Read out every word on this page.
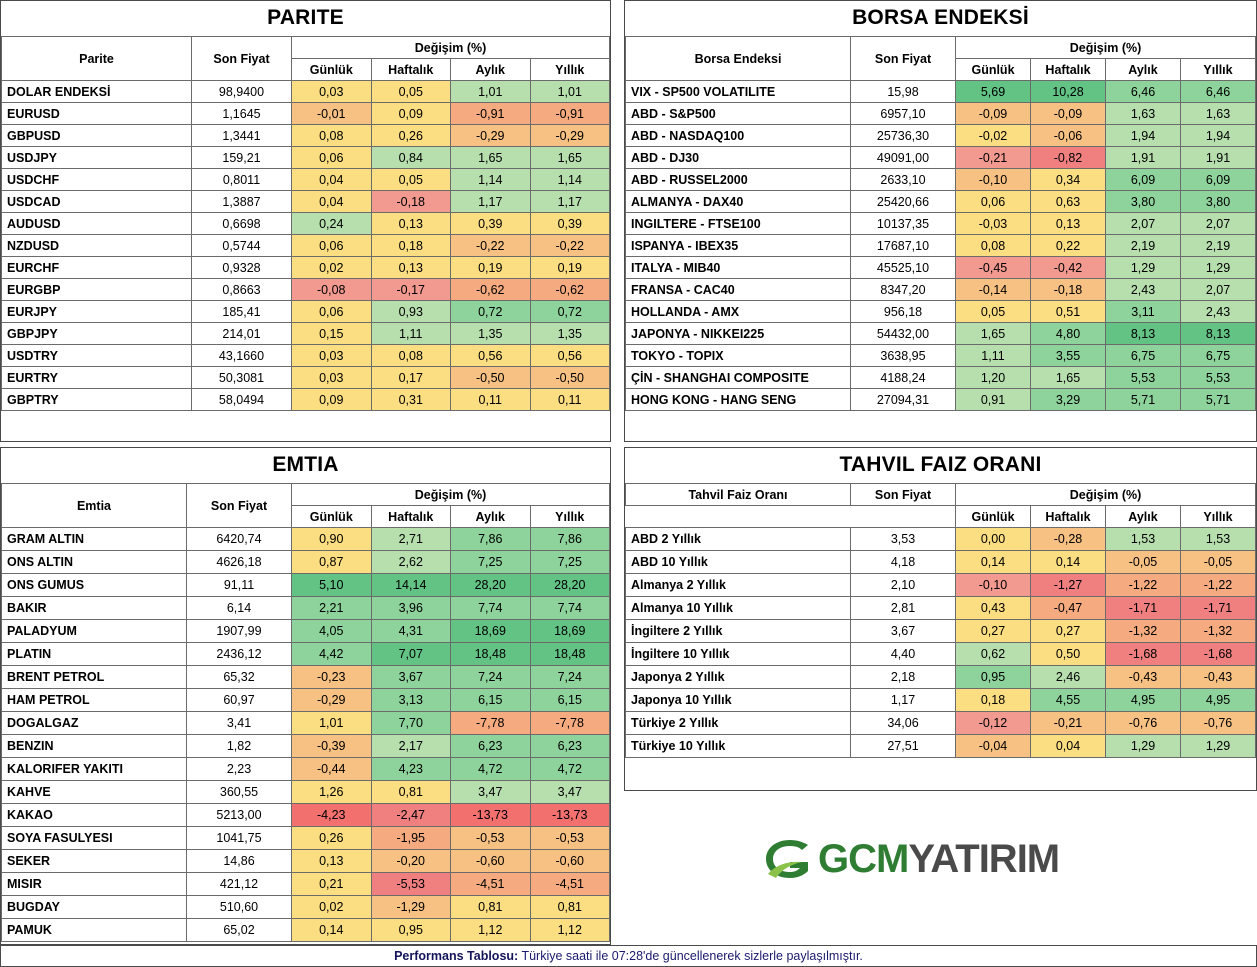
PARITE
Parite	Son Fiyat	Değişim (%)			
		Günlük	Haftalık	Aylık	Yıllık
DOLAR ENDEKSİ	98,9400	0,03	0,05	1,01	1,01
EURUSD	1,1645	-0,01	0,09	-0,91	-0,91
GBPUSD	1,3441	0,08	0,26	-0,29	-0,29
USDJPY	159,21	0,06	0,84	1,65	1,65
USDCHF	0,8011	0,04	0,05	1,14	1,14
USDCAD	1,3887	0,04	-0,18	1,17	1,17
AUDUSD	0,6698	0,24	0,13	0,39	0,39
NZDUSD	0,5744	0,06	0,18	-0,22	-0,22
EURCHF	0,9328	0,02	0,13	0,19	0,19
EURGBP	0,8663	-0,08	-0,17	-0,62	-0,62
EURJPY	185,41	0,06	0,93	0,72	0,72
GBPJPY	214,01	0,15	1,11	1,35	1,35
USDTRY	43,1660	0,03	0,08	0,56	0,56
EURTRY	50,3081	0,03	0,17	-0,50	-0,50
GBPTRY	58,0494	0,09	0,31	0,11	0,11
BORSA ENDEKSİ
Borsa Endeksi	Son Fiyat	Değişim (%)			
		Günlük	Haftalık	Aylık	Yıllık
VIX - SP500 VOLATILITE	15,98	5,69	10,28	6,46	6,46
ABD - S&P500	6957,10	-0,09	-0,09	1,63	1,63
ABD - NASDAQ100	25736,30	-0,02	-0,06	1,94	1,94
ABD - DJ30	49091,00	-0,21	-0,82	1,91	1,91
ABD - RUSSEL2000	2633,10	-0,10	0,34	6,09	6,09
ALMANYA - DAX40	25420,66	0,06	0,63	3,80	3,80
INGILTERE - FTSE100	10137,35	-0,03	0,13	2,07	2,07
ISPANYA - IBEX35	17687,10	0,08	0,22	2,19	2,19
ITALYA - MIB40	45525,10	-0,45	-0,42	1,29	1,29
FRANSA - CAC40	8347,20	-0,14	-0,18	2,43	2,07
HOLLANDA - AMX	956,18	0,05	0,51	3,11	2,43
JAPONYA - NIKKEI225	54432,00	1,65	4,80	8,13	8,13
TOKYO - TOPIX	3638,95	1,11	3,55	6,75	6,75
ÇİN - SHANGHAI COMPOSITE	4188,24	1,20	1,65	5,53	5,53
HONG KONG - HANG SENG	27094,31	0,91	3,29	5,71	5,71
EMTIA
Emtia	Son Fiyat	Değişim (%)			
		Günlük	Haftalık	Aylık	Yıllık
GRAM ALTIN	6420,74	0,90	2,71	7,86	7,86
ONS ALTIN	4626,18	0,87	2,62	7,25	7,25
ONS GUMUS	91,11	5,10	14,14	28,20	28,20
BAKIR	6,14	2,21	3,96	7,74	7,74
PALADYUM	1907,99	4,05	4,31	18,69	18,69
PLATIN	2436,12	4,42	7,07	18,48	18,48
BRENT PETROL	65,32	-0,23	3,67	7,24	7,24
HAM PETROL	60,97	-0,29	3,13	6,15	6,15
DOGALGAZ	3,41	1,01	7,70	-7,78	-7,78
BENZIN	1,82	-0,39	2,17	6,23	6,23
KALORIFER YAKITI	2,23	-0,44	4,23	4,72	4,72
KAHVE	360,55	1,26	0,81	3,47	3,47
KAKAO	5213,00	-4,23	-2,47	-13,73	-13,73
SOYA FASULYESI	1041,75	0,26	-1,95	-0,53	-0,53
SEKER	14,86	0,13	-0,20	-0,60	-0,60
MISIR	421,12	0,21	-5,53	-4,51	-4,51
BUGDAY	510,60	0,02	-1,29	0,81	0,81
PAMUK	65,02	0,14	0,95	1,12	1,12
TAHVIL FAIZ ORANI
Tahvil Faiz Oranı	Son Fiyat	Değişim (%)			
		Günlük	Haftalık	Aylık	Yıllık
ABD 2 Yıllık	3,53	0,00	-0,28	1,53	1,53
ABD 10 Yıllık	4,18	0,14	0,14	-0,05	-0,05
Almanya 2 Yıllık	2,10	-0,10	-1,27	-1,22	-1,22
Almanya 10 Yıllık	2,81	0,43	-0,47	-1,71	-1,71
İngiltere 2 Yıllık	3,67	0,27	0,27	-1,32	-1,32
İngiltere 10 Yıllık	4,40	0,62	0,50	-1,68	-1,68
Japonya 2 Yıllık	2,18	0,95	2,46	-0,43	-0,43
Japonya 10 Yıllık	1,17	0,18	4,55	4,95	4,95
Türkiye 2 Yıllık	34,06	-0,12	-0,21	-0,76	-0,76
Türkiye 10 Yıllık	27,51	-0,04	0,04	1,29	1,29
GCMYATIRIM
Performans Tablosu: Türkiye saati ile 07:28'de güncellenerek sizlerle paylaşılmıştır.
